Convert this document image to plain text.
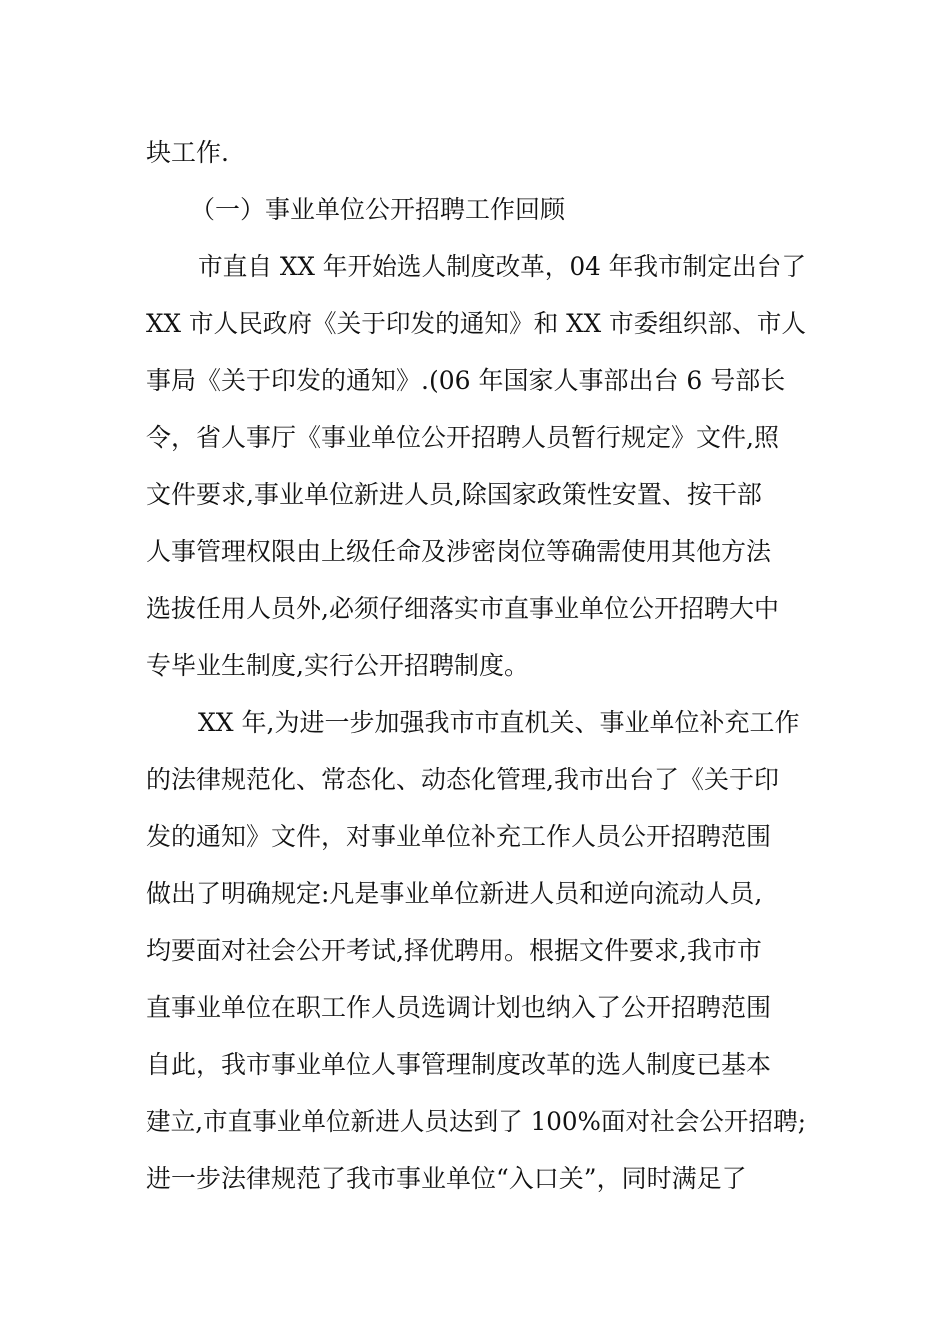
块工作.
（一）事业单位公开招聘工作回顾
市直自 XX 年开始选人制度改革，04 年我市制定出台了
XX 市人民政府《关于印发的通知》和 XX 市委组织部、市人
事局《关于印发的通知》.(06 年国家人事部出台 6 号部长
令，省人事厅《事业单位公开招聘人员暂行规定》文件,照
文件要求,事业单位新进人员,除国家政策性安置、按干部
人事管理权限由上级任命及涉密岗位等确需使用其他方法
选拔任用人员外,必须仔细落实市直事业单位公开招聘大中
专毕业生制度,实行公开招聘制度。
XX 年,为进一步加强我市市直机关、事业单位补充工作
的法律规范化、常态化、动态化管理,我市出台了《关于印
发的通知》文件，对事业单位补充工作人员公开招聘范围
做出了明确规定:凡是事业单位新进人员和逆向流动人员,
均要面对社会公开考试,择优聘用。根据文件要求,我市市
直事业单位在职工作人员选调计划也纳入了公开招聘范围
自此，我市事业单位人事管理制度改革的选人制度已基本
建立,市直事业单位新进人员达到了 100%面对社会公开招聘;
进一步法律规范了我市事业单位“入口关”，同时满足了
